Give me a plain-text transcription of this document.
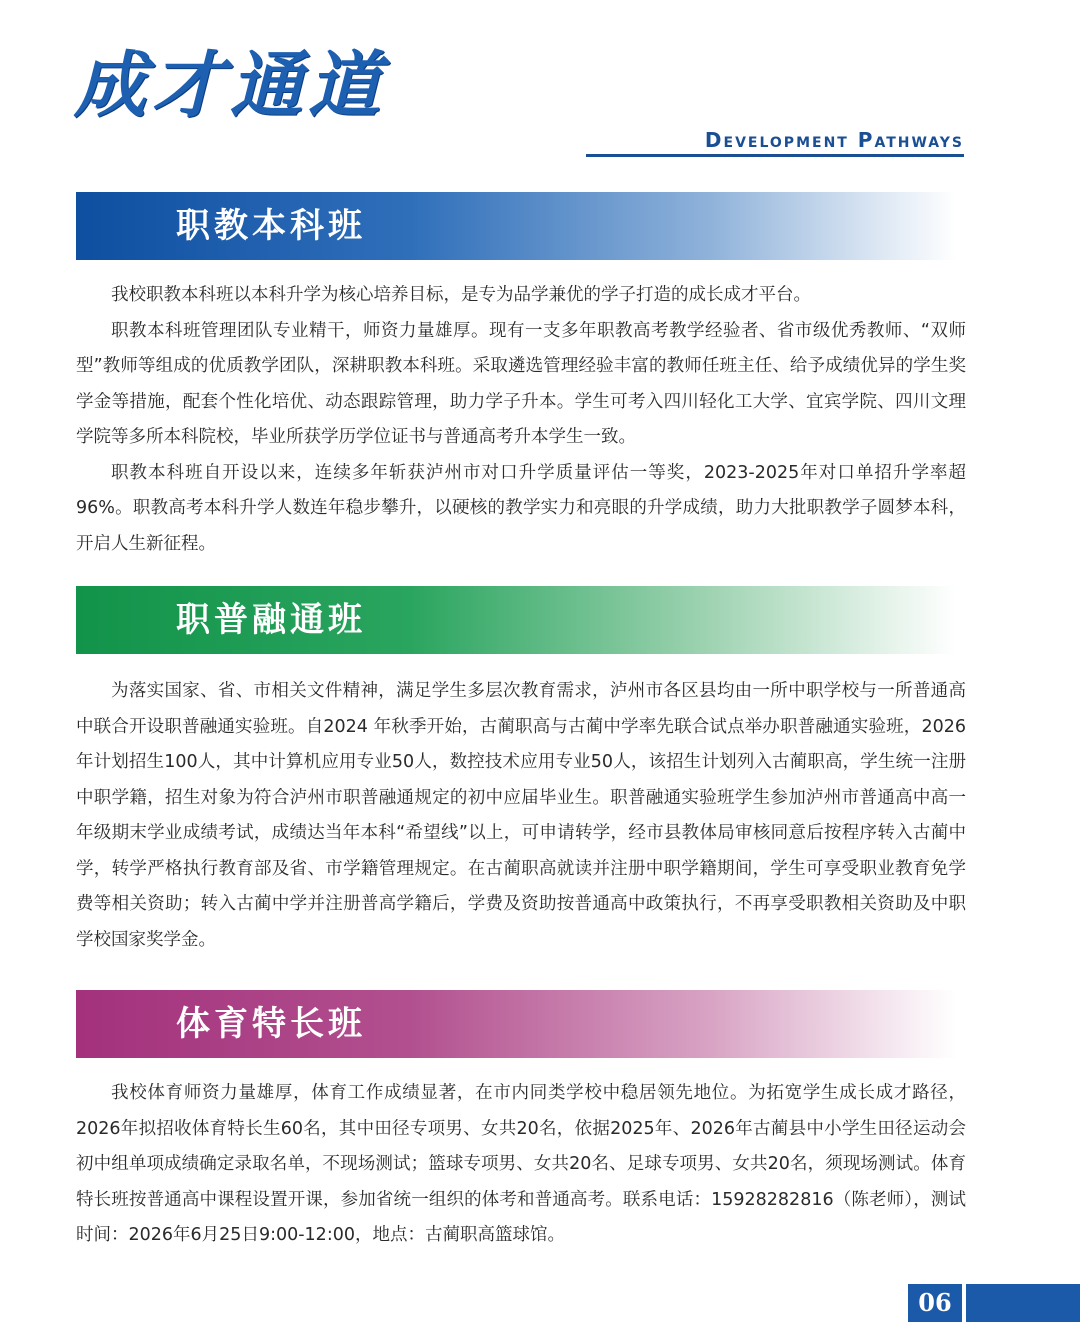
成才通道
Development Pathways
职教本科班

我校职教本科班以本科升学为核心培养目标，是专为品学兼优的学子打造的成长成才平台。

职教本科班管理团队专业精干，师资力量雄厚。现有一支多年职教高考教学经验者、省市级优秀教师、“双师型”教师等组成的优质教学团队，深耕职教本科班。采取遴选管理经验丰富的教师任班主任、给予成绩优异的学生奖学金等措施，配套个性化培优、动态跟踪管理，助力学子升本。学生可考入四川轻化工大学、宜宾学院、四川文理学院等多所本科院校，毕业所获学历学位证书与普通高考升本学生一致。

职教本科班自开设以来，连续多年斩获泸州市对口升学质量评估一等奖，2023-2025年对口单招升学率超96%。职教高考本科升学人数连年稳步攀升，以硬核的教学实力和亮眼的升学成绩，助力大批职教学子圆梦本科，开启人生新征程。

职普融通班

为落实国家、省、市相关文件精神，满足学生多层次教育需求，泸州市各区县均由一所中职学校与一所普通高中联合开设职普融通实验班。自2024 年秋季开始，古蔺职高与古蔺中学率先联合试点举办职普融通实验班，2026年计划招生100人，其中计算机应用专业50人，数控技术应用专业50人，该招生计划列入古蔺职高，学生统一注册中职学籍，招生对象为符合泸州市职普融通规定的初中应届毕业生。职普融通实验班学生参加泸州市普通高中高一年级期末学业成绩考试，成绩达当年本科“希望线”以上，可申请转学，经市县教体局审核同意后按程序转入古蔺中学，转学严格执行教育部及省、市学籍管理规定。在古蔺职高就读并注册中职学籍期间，学生可享受职业教育免学费等相关资助；转入古蔺中学并注册普高学籍后，学费及资助按普通高中政策执行，不再享受职教相关资助及中职学校国家奖学金。

体育特长班

我校体育师资力量雄厚，体育工作成绩显著，在市内同类学校中稳居领先地位。为拓宽学生成长成才路径，2026年拟招收体育特长生60名，其中田径专项男、女共20名，依据2025年、2026年古蔺县中小学生田径运动会初中组单项成绩确定录取名单，不现场测试；篮球专项男、女共20名、足球专项男、女共20名，须现场测试。体育特长班按普通高中课程设置开课，参加省统一组织的体考和普通高考。联系电话：15928282816（陈老师），测试时间：2026年6月25日9:00-12:00，地点：古蔺职高篮球馆。

06
